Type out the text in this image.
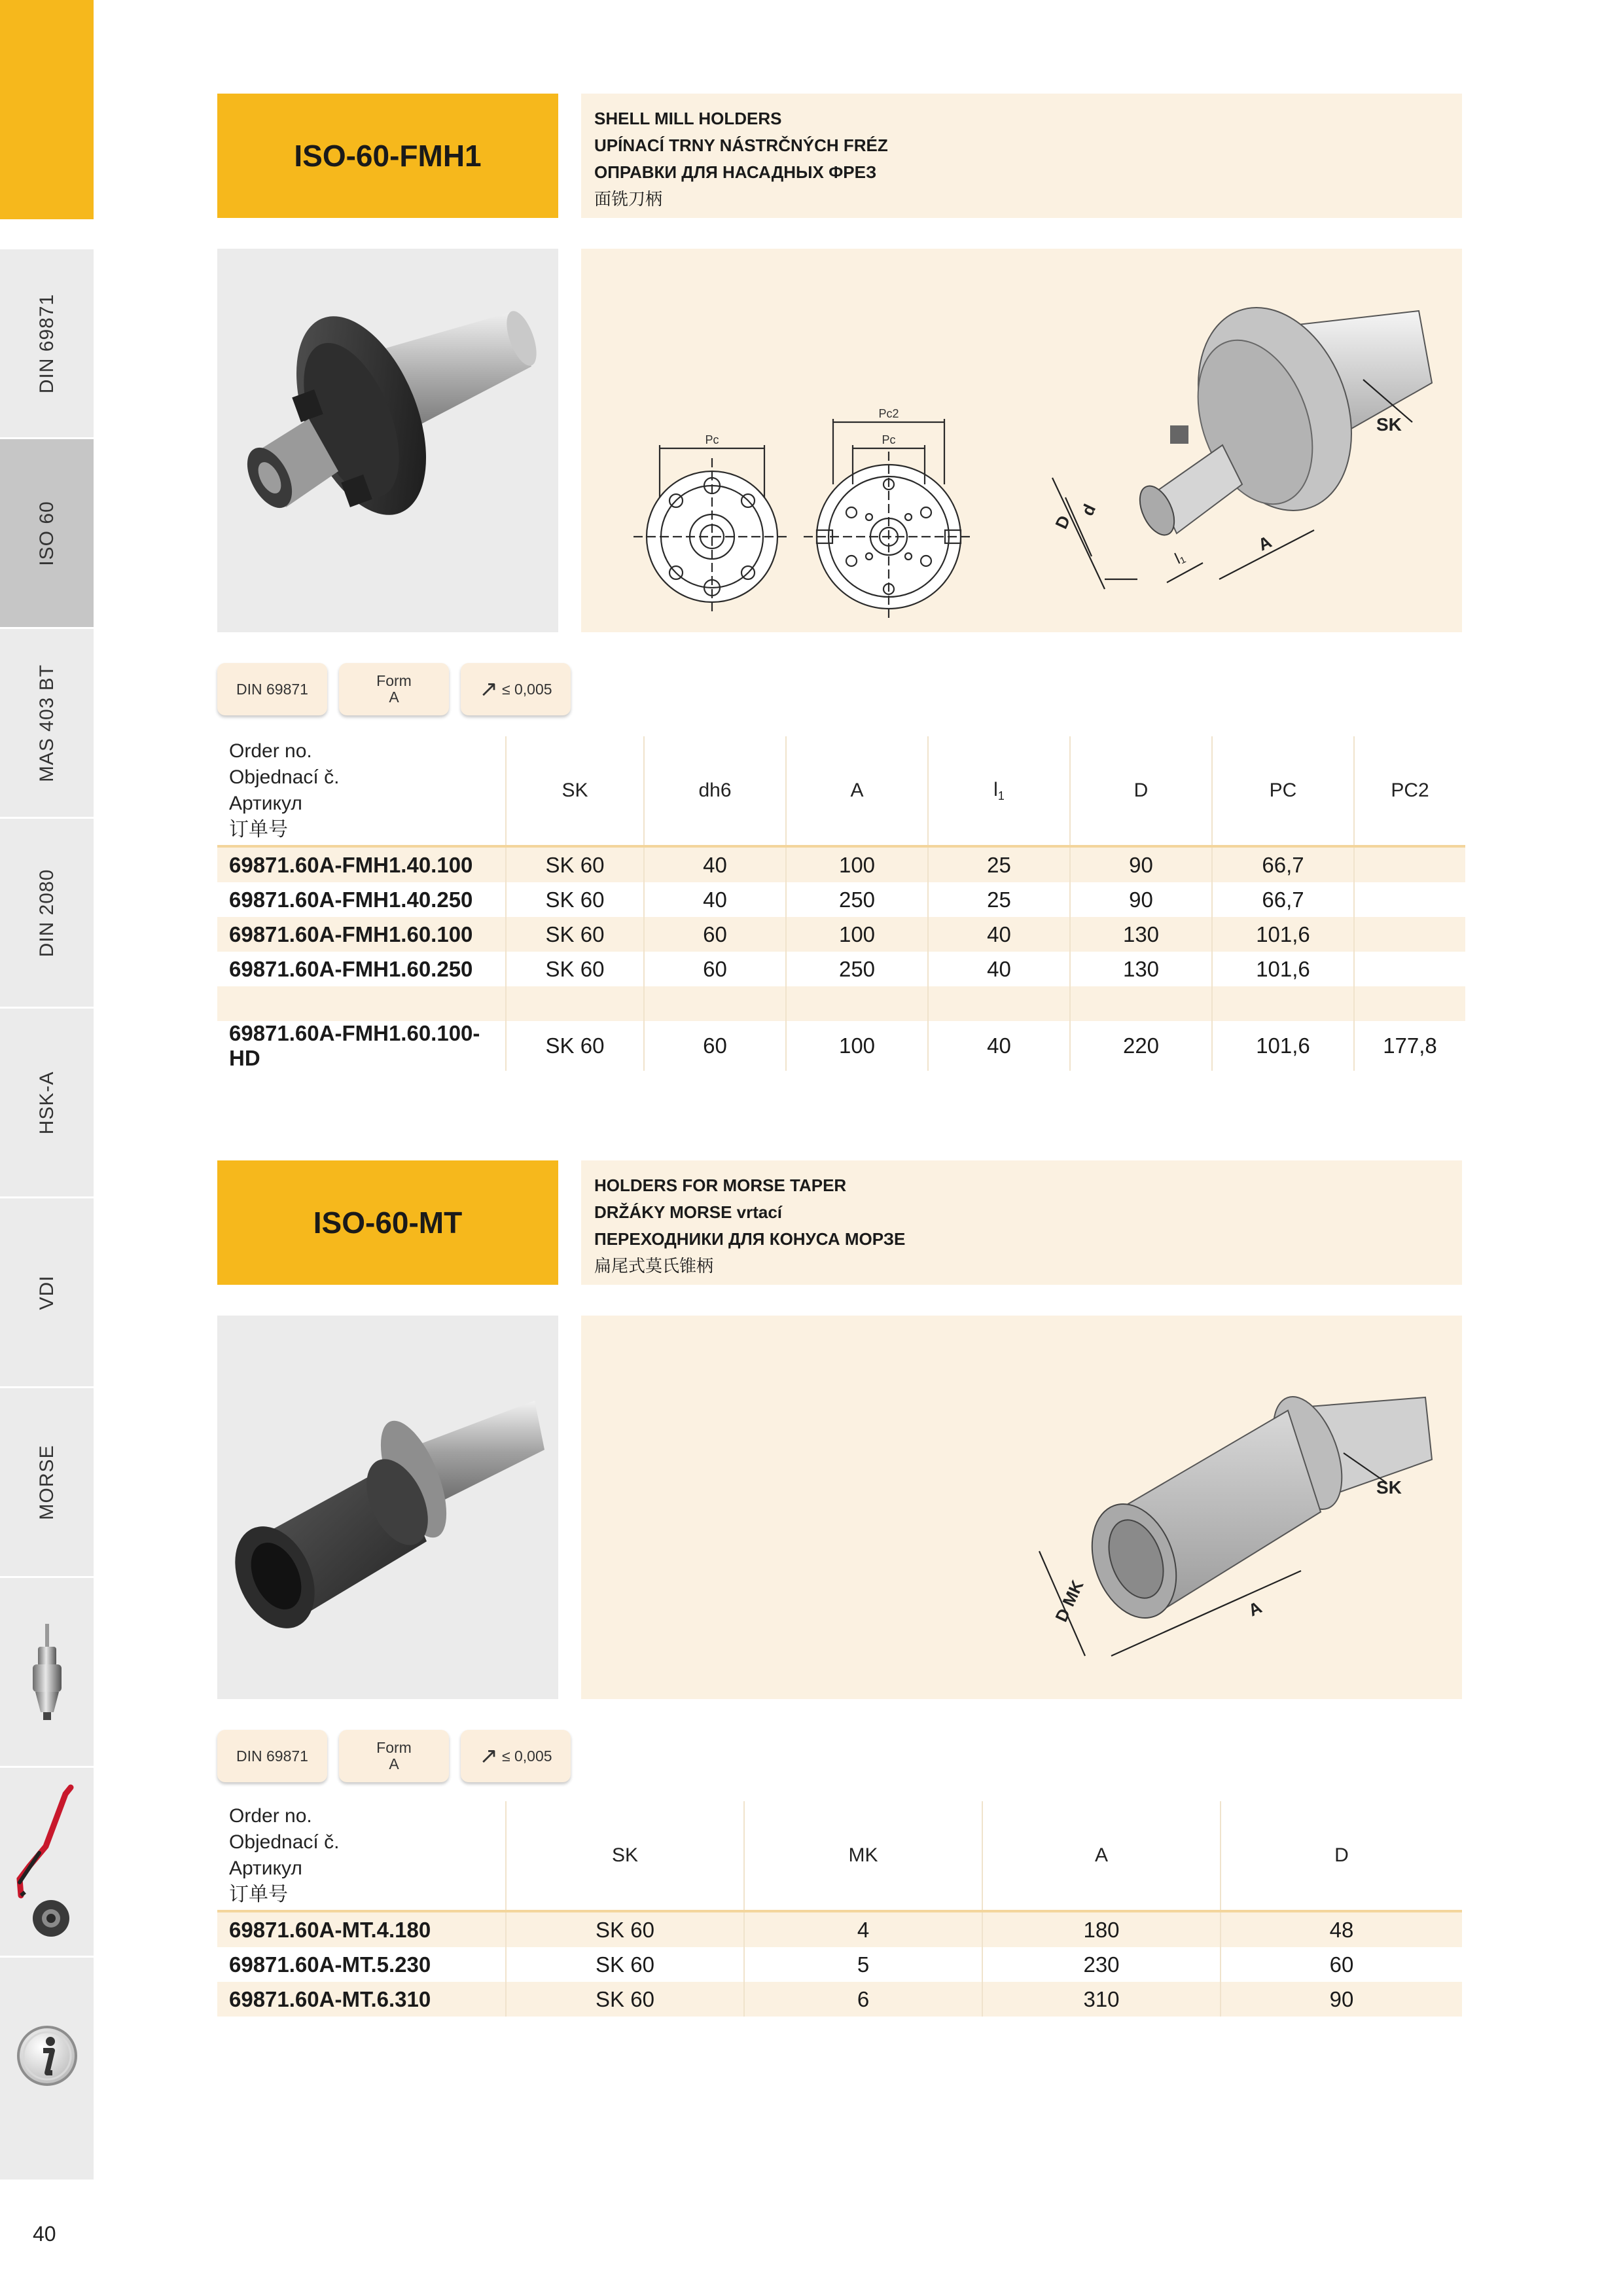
DIN 69871
ISO 60
MAS 403 BT
DIN 2080
HSK-A
VDI
MORSE
40
ISO-60-FMH1
SHELL MILL HOLDERS
UPÍNACÍ TRNY NÁSTRČNÝCH FRÉZ
ОПРАВКИ ДЛЯ НАСАДНЫХ ФРЕЗ
面铣刀柄
Pc
Pc2
Pc
D
d
l₁
A
SK
DIN 69871	Form
A	↗ ≤ 0,005
Order no.
Objednací č.
Артикул
订单号	SK	dh6	A	$l_1$	D	PC	PC2
69871.60A-FMH1.40.100	SK 60	40	100	25	90	66,7	
69871.60A-FMH1.40.250	SK 60	40	250	25	90	66,7	
69871.60A-FMH1.60.100	SK 60	60	100	40	130	101,6	
69871.60A-FMH1.60.250	SK 60	60	250	40	130	101,6	

69871.60A-FMH1.60.100-HD	SK 60	60	100	40	220	101,6	177,8
ISO-60-MT
HOLDERS FOR MORSE TAPER
DRŽÁKY MORSE vrtací
ПЕРЕХОДНИКИ ДЛЯ КОНУСА МОРЗЕ
扁尾式莫氏锥柄
D MK	A
SK
DIN 69871	Form
A	↗ ≤ 0,005
Order no.
Objednací č.
Артикул
订单号	SK	MK	A	D
69871.60A-MT.4.180	SK 60	4	180	48
69871.60A-MT.5.230	SK 60	5	230	60
69871.60A-MT.6.310	SK 60	6	310	90
